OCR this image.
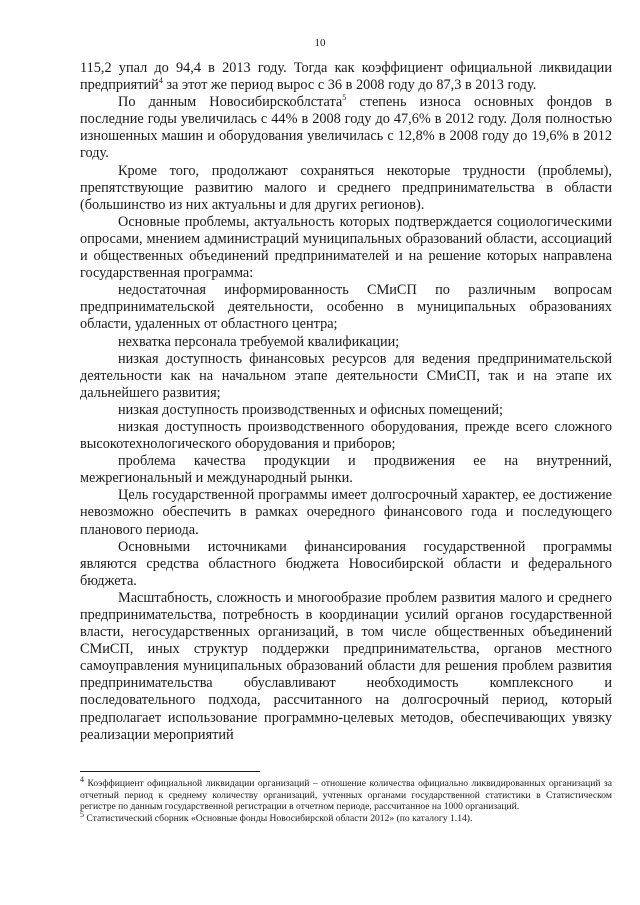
10

115,2 упал до 94,4 в 2013 году. Тогда как коэффициент официальной ликвидации предприятий$^4$ за этот же период вырос с 36 в 2008 году до 87,3 в 2013 году.

По данным Новосибирскоблстата$^5$ степень износа основных фондов в последние годы увеличилась с 44% в 2008 году до 47,6% в 2012 году. Доля полностью изношенных машин и оборудования увеличилась с 12,8% в 2008 году до 19,6% в 2012 году.

Кроме того, продолжают сохраняться некоторые трудности (проблемы), препятствующие развитию малого и среднего предпринимательства в области (большинство из них актуальны и для других регионов).

Основные проблемы, актуальность которых подтверждается социологическими опросами, мнением администраций муниципальных образований области, ассоциаций и общественных объединений предпринимателей и на решение которых направлена государственная программа:

недостаточная информированность СМиСП по различным вопросам предпринимательской деятельности, особенно в муниципальных образованиях области, удаленных от областного центра;

нехватка персонала требуемой квалификации;

низкая доступность финансовых ресурсов для ведения предпринимательской деятельности как на начальном этапе деятельности СМиСП, так и на этапе их дальнейшего развития;

низкая доступность производственных и офисных помещений;

низкая доступность производственного оборудования, прежде всего сложного высокотехнологического оборудования и приборов;

проблема качества продукции и продвижения ее на внутренний, межрегиональный и международный рынки.

Цель государственной программы имеет долгосрочный характер, ее достижение невозможно обеспечить в рамках очередного финансового года и последующего планового периода.

Основными источниками финансирования государственной программы являются средства областного бюджета Новосибирской области и федерального бюджета.

Масштабность, сложность и многообразие проблем развития малого и среднего предпринимательства, потребность в координации усилий органов государственной власти, негосударственных организаций, в том числе общественных объединений СМиСП, иных структур поддержки предпринимательства, органов местного самоуправления муниципальных образований области для решения проблем развития предпринимательства обуславливают необходимость комплексного и последовательного подхода, рассчитанного на долгосрочный период, который предполагает использование программно-целевых методов, обеспечивающих увязку реализации мероприятий

$^4$ Коэффициент официальной ликвидации организаций – отношение количества официально ликвидированных организаций за отчетный период к среднему количеству организаций, учтенных органами государственной статистики в Статистическом регистре по данным государственной регистрации в отчетном периоде, рассчитанное на 1000 организаций.

$^5$ Статистический сборник «Основные фонды Новосибирской области 2012» (по каталогу 1.14).
